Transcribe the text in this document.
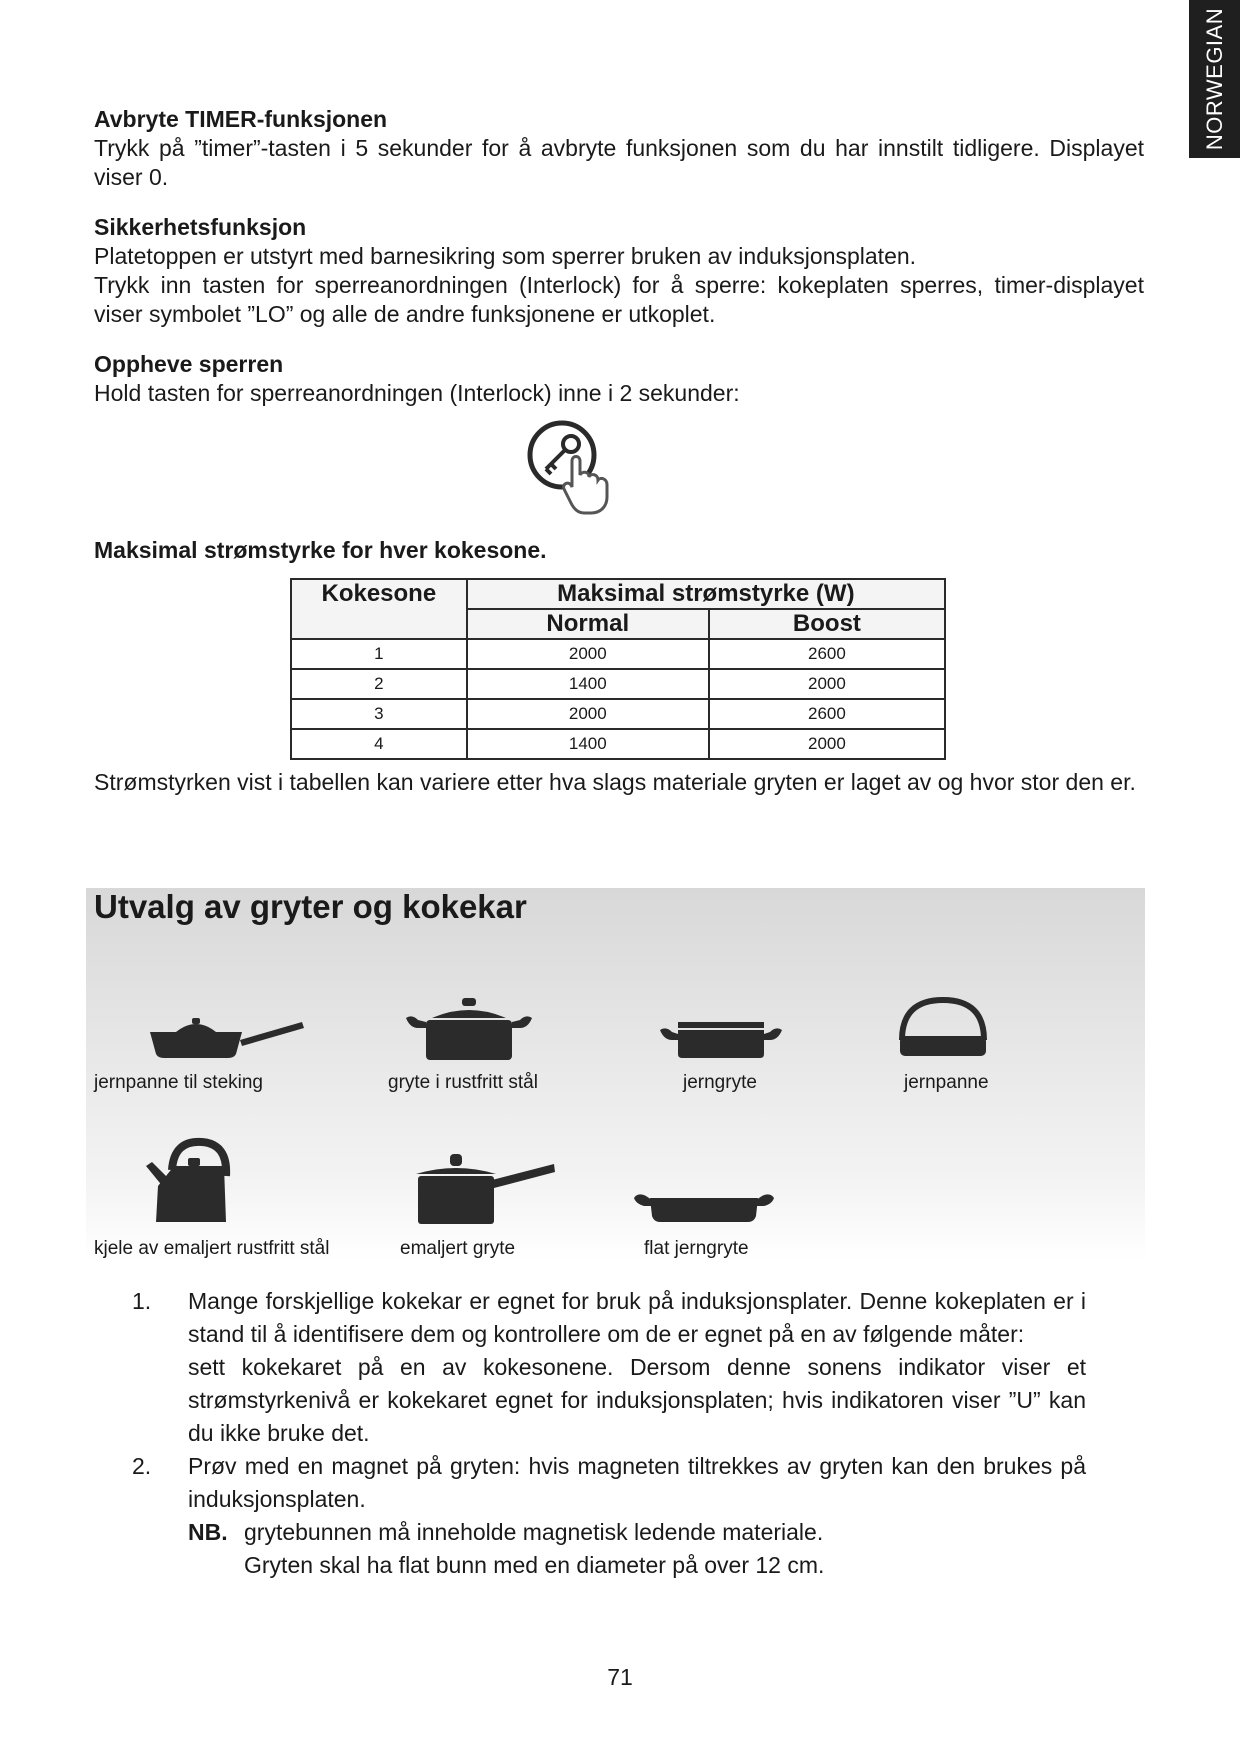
NORWEGIAN
Avbryte TIMER-funksjonen

Trykk på ”timer”-tasten i 5 sekunder for å avbryte funksjonen som du har innstilt tidligere. Displayet viser 0.

Sikkerhetsfunksjon

Platetoppen er utstyrt med barnesikring som sperrer bruken av induksjonsplaten.

Trykk inn tasten for sperreanordningen (Interlock) for å sperre: kokeplaten sperres, timer-displayet viser symbolet ”LO” og alle de andre funksjonene er utkoplet.

Oppheve sperren

Hold tasten for sperreanordningen (Interlock) inne i 2 sekunder:

Maksimal strømstyrke for hver kokesone.
Kokesone	Maksimal strømstyrke (W)	
	Normal	Boost
1	2000	2600
2	1400	2000
3	2000	2600
4	1400	2000
Strømstyrken vist i tabellen kan variere etter hva slags materiale gryten er laget av og hvor stor den er.
Utvalg av gryter og kokekar
jernpanne til steking	gryte i rustfritt stål	jerngryte	jernpanne
kjele av emaljert rustfritt stål	emaljert gryte	flat jerngryte
1. Mange forskjellige kokekar er egnet for bruk på induksjonsplater. Denne kokeplaten er i stand til å identifisere dem og kontrollere om de er egnet på en av følgende måter:
sett kokekaret på en av kokesonene. Dersom denne sonens indikator viser et strømstyrkenivå er kokekaret egnet for induksjonsplaten; hvis indikatoren viser ”U” kan du ikke bruke det.
2. Prøv med en magnet på gryten: hvis magneten tiltrekkes av gryten kan den brukes på induksjonsplaten.
NB. grytebunnen må inneholde magnetisk ledende materiale.
Gryten skal ha flat bunn med en diameter på over 12 cm.
71
